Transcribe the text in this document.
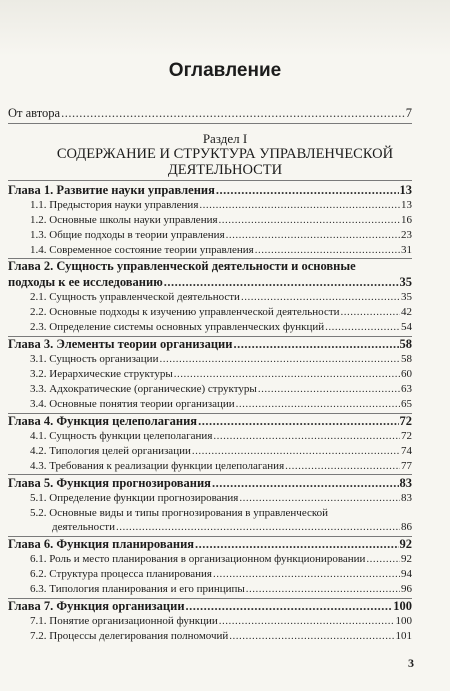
Оглавление
От автора .....	7
Раздел I
СОДЕРЖАНИЕ И СТРУКТУРА УПРАВЛЕНЧЕСКОЙ
ДЕЯТЕЛЬНОСТИ
Глава 1. Развитие науки управления .....	13
1.1. Предыстория науки управления .....	13
1.2. Основные школы науки управления .....	16
1.3. Общие подходы в теории управления .....	23
1.4. Современное состояние теории управления .....	31
Глава 2. Сущность управленческой деятельности и основные
подходы к ее исследованию .....	35
2.1. Сущность управленческой деятельности .....	35
2.2. Основные подходы к изучению управленческой деятельности .....	42
2.3. Определение системы основных управленческих функций .....	54
Глава 3. Элементы теории организации .....	58
3.1. Сущность организации .....	58
3.2. Иерархические структуры .....	60
3.3. Адхократические (органические) структуры .....	63
3.4. Основные понятия теории организации .....	65
Глава 4. Функция целеполагания .....	72
4.1. Сущность функции целеполагания .....	72
4.2. Типология целей организации .....	74
4.3. Требования к реализации функции целеполагания .....	77
Глава 5. Функция прогнозирования .....	83
5.1. Определение функции прогнозирования .....	83
5.2. Основные виды и типы прогнозирования в управленческой
деятельности .....	86
Глава 6. Функция планирования .....	92
6.1. Роль и место планирования в организационном функционировании .....	92
6.2. Структура процесса планирования .....	94
6.3. Типология планирования и его принципы .....	96
Глава 7. Функция организации .....	100
7.1. Понятие организационной функции .....	100
7.2. Процессы делегирования полномочий .....	101
3
